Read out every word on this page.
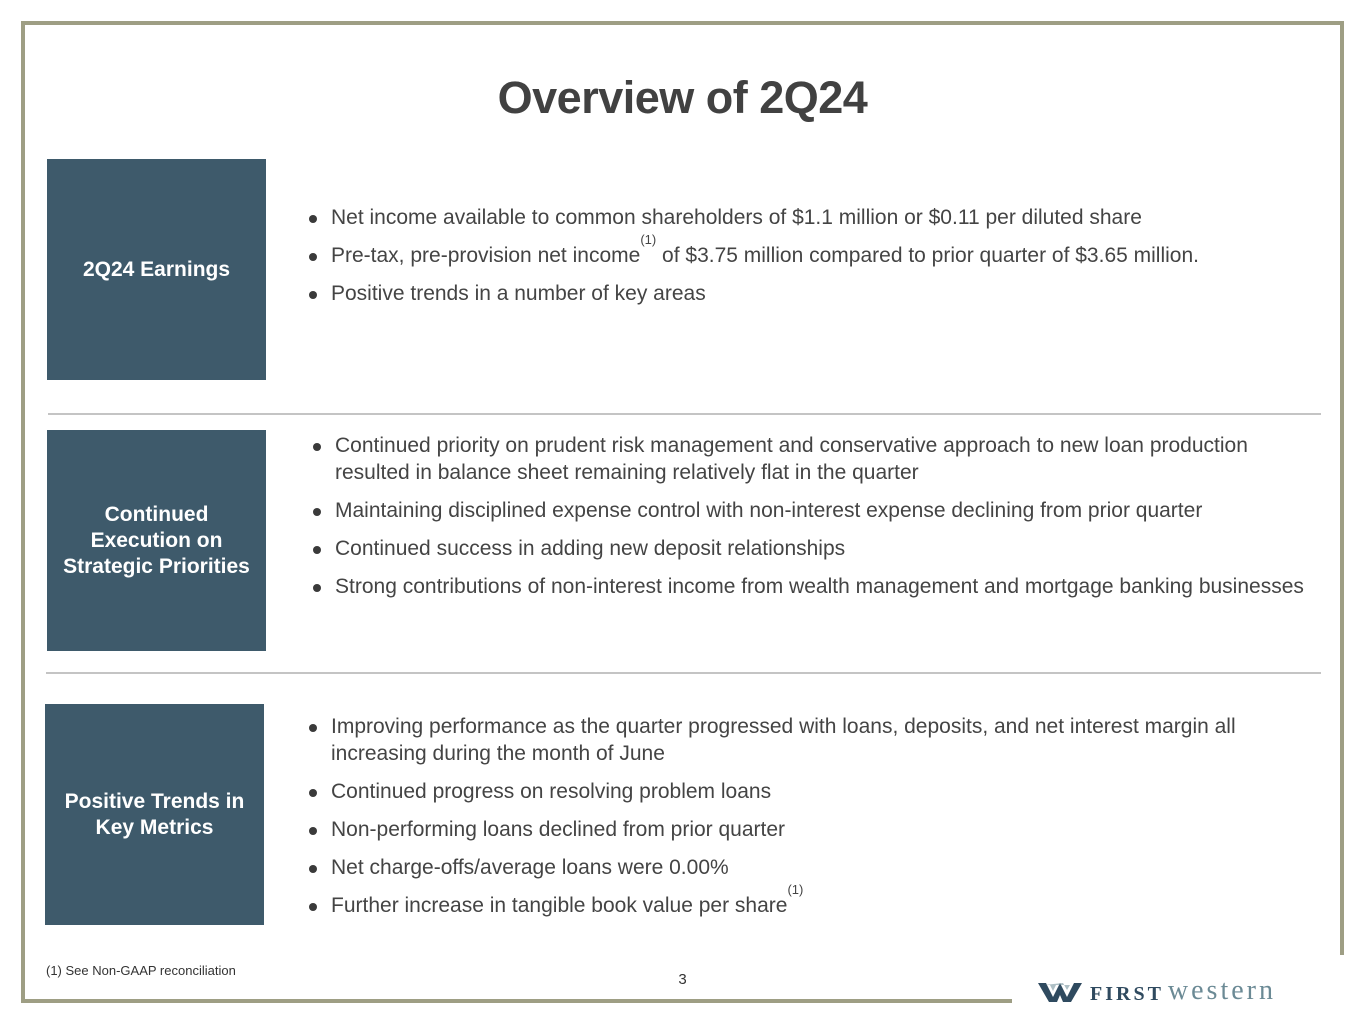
Overview of 2Q24
2Q24 Earnings
Net income available to common shareholders of $1.1 million or $0.11 per diluted share
Pre-tax, pre-provision net income$^{(1)}$ of $3.75 million compared to prior quarter of $3.65 million.
Positive trends in a number of key areas
Continued Execution on Strategic Priorities
Continued priority on prudent risk management and conservative approach to new loan production resulted in balance sheet remaining relatively flat in the quarter
Maintaining disciplined expense control with non-interest expense declining from prior quarter
Continued success in adding new deposit relationships
Strong contributions of non-interest income from wealth management and mortgage banking businesses
Positive Trends in Key Metrics
Improving performance as the quarter progressed with loans, deposits, and net interest margin all increasing during the month of June
Continued progress on resolving problem loans
Non-performing loans declined from prior quarter
Net charge-offs/average loans were 0.00%
Further increase in tangible book value per share$^{(1)}$
(1) See Non-GAAP reconciliation
3
FIRST western
